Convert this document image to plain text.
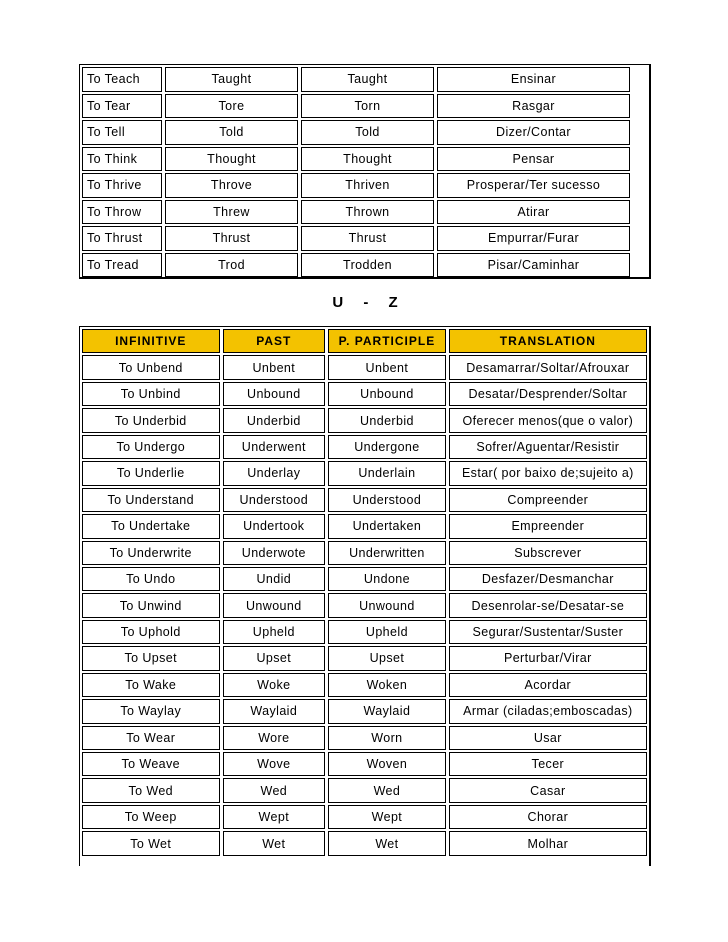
To Teach	Taught	Taught	Ensinar
To Tear	Tore	Torn	Rasgar
To Tell	Told	Told	Dizer/Contar
To Think	Thought	Thought	Pensar
To Thrive	Throve	Thriven	Prosperar/Ter sucesso
To Throw	Threw	Thrown	Atirar
To Thrust	Thrust	Thrust	Empurrar/Furar
To Tread	Trod	Trodden	Pisar/Caminhar
U - Z
INFINITIVE	PAST	P. PARTICIPLE	TRANSLATION
To Unbend	Unbent	Unbent	Desamarrar/Soltar/Afrouxar
To Unbind	Unbound	Unbound	Desatar/Desprender/Soltar
To Underbid	Underbid	Underbid	Oferecer menos(que o valor)
To Undergo	Underwent	Undergone	Sofrer/Aguentar/Resistir
To Underlie	Underlay	Underlain	Estar( por baixo de;sujeito a)
To Understand	Understood	Understood	Compreender
To Undertake	Undertook	Undertaken	Empreender
To Underwrite	Underwote	Underwritten	Subscrever
To Undo	Undid	Undone	Desfazer/Desmanchar
To Unwind	Unwound	Unwound	Desenrolar-se/Desatar-se
To Uphold	Upheld	Upheld	Segurar/Sustentar/Suster
To Upset	Upset	Upset	Perturbar/Virar
To Wake	Woke	Woken	Acordar
To Waylay	Waylaid	Waylaid	Armar (ciladas;emboscadas)
To Wear	Wore	Worn	Usar
To Weave	Wove	Woven	Tecer
To Wed	Wed	Wed	Casar
To Weep	Wept	Wept	Chorar
To Wet	Wet	Wet	Molhar
